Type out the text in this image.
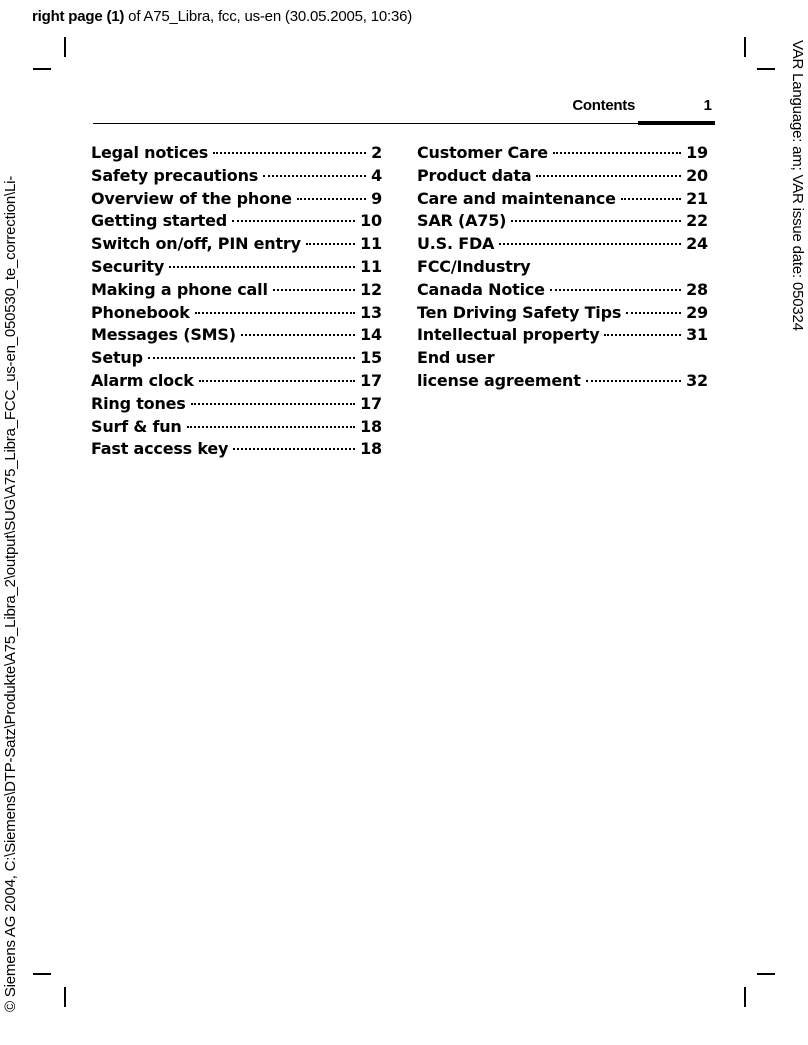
right page (1) of A75_Libra, fcc, us-en (30.05.2005, 10:36)
© Siemens AG 2004, C:\Siemens\DTP-Satz\Produkte\A75_Libra_2\output\SUG\A75_Libra_FCC_us-en_050530_te_correction\Li-	VAR Language: am; VAR issue date: 050324
Contents	1
Legal notices	2
Safety precautions	4
Overview of the phone	9
Getting started	10
Switch on/off, PIN entry	11
Security	11
Making a phone call	12
Phonebook	13
Messages (SMS)	14
Setup	15
Alarm clock	17
Ring tones	17
Surf & fun	18
Fast access key	18
Customer Care	19
Product data	20
Care and maintenance	21
SAR (A75)	22
U.S. FDA	24
FCC/Industry
Canada Notice	28
Ten Driving Safety Tips	29
Intellectual property	31
End user
license agreement	32
